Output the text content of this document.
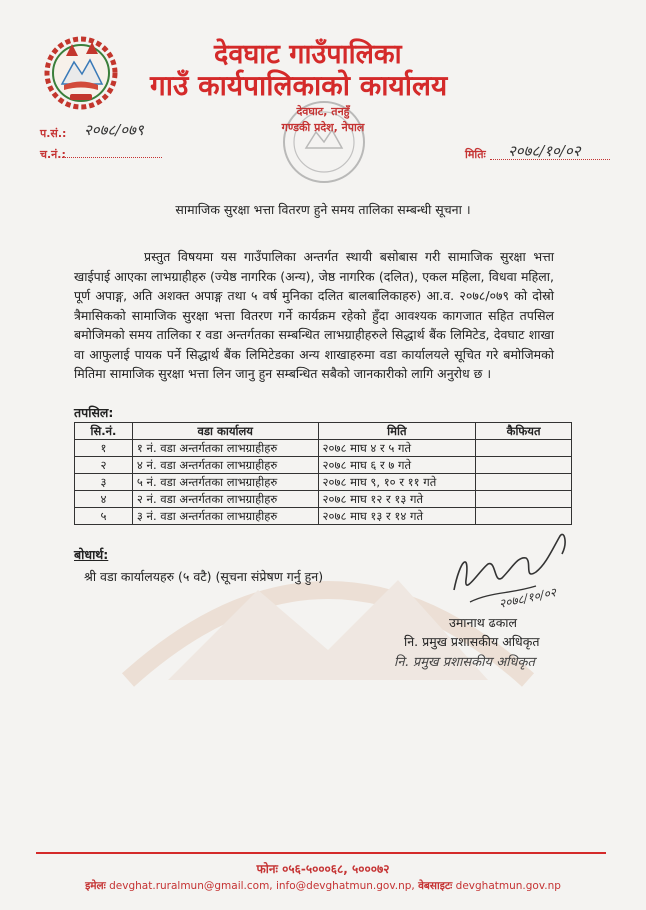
देवघाट गाउँपालिका
गाउँ कार्यपालिकाको कार्यालय
देवघाट, तनहुँ
गण्डकी प्रदेश, नेपाल
प.सं.: २०७८/०७९
च.नं.:	मितिः २०७८/१०/०२
सामाजिक सुरक्षा भत्ता वितरण हुने समय तालिका सम्बन्धी सूचना ।
प्रस्तुत विषयमा यस गाउँपालिका अन्तर्गत स्थायी बसोबास गरी सामाजिक सुरक्षा भत्ता खाईपाई आएका लाभग्राहीहरु (ज्येष्ठ नागरिक (अन्य), जेष्ठ नागरिक (दलित), एकल महिला, विधवा महिला, पूर्ण अपाङ्ग, अति अशक्त अपाङ्ग तथा ५ वर्ष मुनिका दलित बालबालिकाहरु) आ.व. २०७८/०७९ को दोस्रो त्रैमासिकको सामाजिक सुरक्षा भत्ता वितरण गर्ने कार्यक्रम रहेको हुँदा आवश्यक कागजात सहित तपसिल बमोजिमको समय तालिका र वडा अन्तर्गतका सम्बन्धित लाभग्राहीहरुले सिद्धार्थ बैंक लिमिटेड, देवघाट शाखा वा आफुलाई पायक पर्ने सिद्धार्थ बैंक लिमिटेडका अन्य शाखाहरुमा वडा कार्यालयले सूचित गरे बमोजिमको मितिमा सामाजिक सुरक्षा भत्ता लिन जानु हुन सम्बन्धित सबैको जानकारीको लागि अनुरोध छ ।
तपसिल:
सि.नं.	वडा कार्यालय	मिति	कैफियत
१	१ नं. वडा अन्तर्गतका लाभग्राहीहरु	२०७८ माघ ४ र ५ गते	
२	४ नं. वडा अन्तर्गतका लाभग्राहीहरु	२०७८ माघ ६ र ७ गते	
३	५ नं. वडा अन्तर्गतका लाभग्राहीहरु	२०७८ माघ ९, १० र ११ गते	
४	२ नं. वडा अन्तर्गतका लाभग्राहीहरु	२०७८ माघ १२ र १३ गते	
५	३ नं. वडा अन्तर्गतका लाभग्राहीहरु	२०७८ माघ १३ र १४ गते	
बोधार्थ:
श्री वडा कार्यालयहरु (५ वटै) (सूचना संप्रेषण गर्नु हुन)
२०७८/१०/०२
उमानाथ ढकाल
नि. प्रमुख प्रशासकीय अधिकृत
नि. प्रमुख प्रशासकीय अधिकृत
फोनः ०५६-५०००६८, ५०००७२
इमेलः devghat.ruralmun@gmail.com, info@devghatmun.gov.np, वेबसाइटः devghatmun.gov.np
